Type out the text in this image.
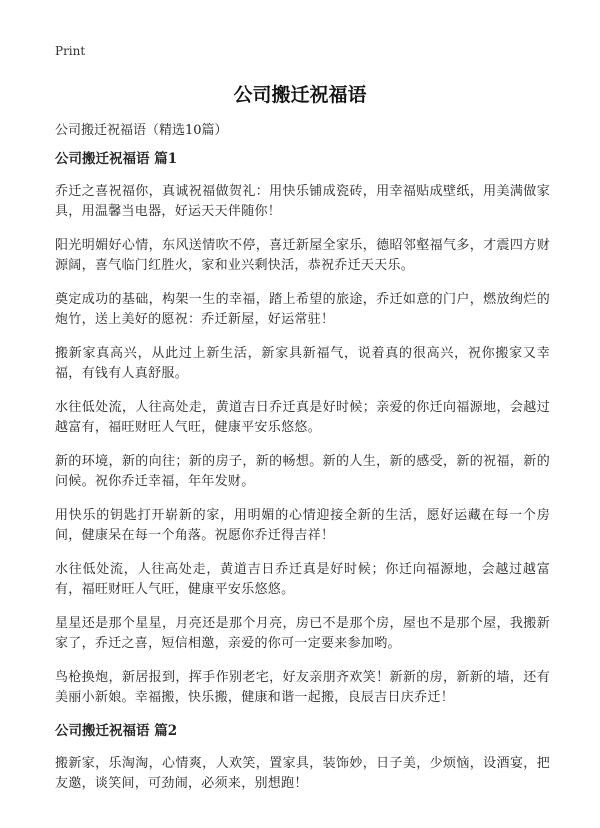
Print
公司搬迁祝福语

公司搬迁祝福语（精选10篇）

公司搬迁祝福语 篇1

乔迁之喜祝福你，真诚祝福做贺礼：用快乐铺成瓷砖，用幸福贴成壁纸，用美满做家具，用温馨当电器，好运天天伴随你！

阳光明媚好心情，东风送情吹不停，喜迁新屋全家乐，德昭邻壑福气多，才震四方财源阔，喜气临门红胜火，家和业兴剩快活，恭祝乔迁天天乐。

奠定成功的基础，构架一生的幸福，踏上希望的旅途，乔迁如意的门户，燃放绚烂的炮竹，送上美好的愿祝：乔迁新屋，好运常驻！

搬新家真高兴，从此过上新生活，新家具新福气，说着真的很高兴，祝你搬家又幸福，有钱有人真舒服。

水往低处流，人往高处走，黄道吉日乔迁真是好时候；亲爱的你迁向福源地，会越过越富有，福旺财旺人气旺，健康平安乐悠悠。

新的环境，新的向往；新的房子，新的畅想。新的人生，新的感受，新的祝福，新的问候。祝你乔迁幸福，年年发财。

用快乐的钥匙打开崭新的家，用明媚的心情迎接全新的生活，愿好运藏在每一个房间，健康呆在每一个角落。祝愿你乔迁得吉祥！

水往低处流，人往高处走，黄道吉日乔迁真是好时候；你迁向福源地，会越过越富有，福旺财旺人气旺，健康平安乐悠悠。

星星还是那个星星，月亮还是那个月亮，房已不是那个房，屋也不是那个屋，我搬新家了，乔迁之喜，短信相邀，亲爱的你可一定要来参加哟。

鸟枪换炮，新居报到，挥手作别老宅，好友亲朋齐欢笑！新新的房，新新的墙，还有美丽小新娘。幸福搬，快乐搬，健康和谐一起搬，良辰吉日庆乔迁！

公司搬迁祝福语 篇2

搬新家，乐淘淘，心情爽，人欢笑，置家具，装饰妙，日子美，少烦恼，设酒宴，把友邀，谈笑间，可劲闹，必须来，别想跑！
